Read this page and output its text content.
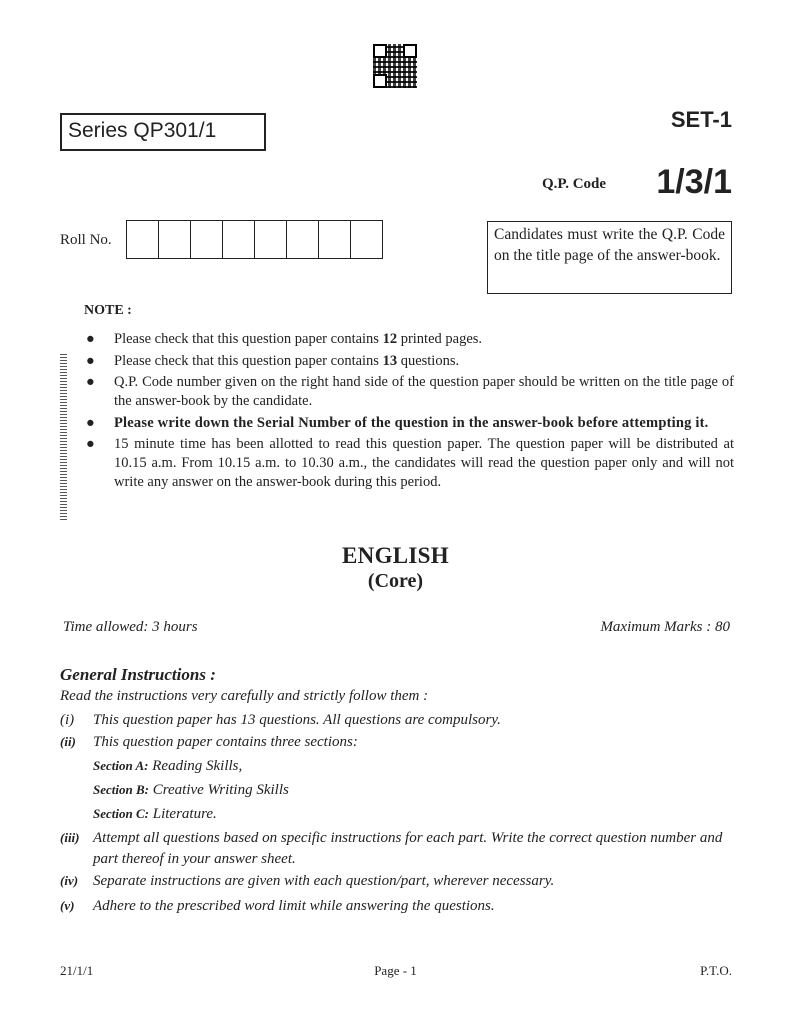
Series QP301/1	SET-1
Q.P. Code 1/3/1
Roll No.	Candidates must write the Q.P. Code on the title page of the answer-book.
NOTE :
●	Please check that this question paper contains 12 printed pages.
●	Please check that this question paper contains 13 questions.
●	Q.P. Code number given on the right hand side of the question paper should be written on the title page of the answer-book by the candidate.
●	Please write down the Serial Number of the question in the answer-book before attempting it.
●	15 minute time has been allotted to read this question paper. The question paper will be distributed at 10.15 a.m. From 10.15 a.m. to 10.30 a.m., the candidates will read the question paper only and will not write any answer on the answer-book during this period.
ENGLISH
(Core)
Time allowed: 3 hours	Maximum Marks : 80
General Instructions :
Read the instructions very carefully and strictly follow them :
(i)	This question paper has 13 questions. All questions are compulsory.
(ii)	This question paper contains three sections:
Section A: Reading Skills,
Section B: Creative Writing Skills
Section C: Literature.
(iii) Attempt all questions based on specific instructions for each part. Write the correct question number and part thereof in your answer sheet.
(iv) Separate instructions are given with each question/part, wherever necessary.
(v)	Adhere to the prescribed word limit while answering the questions.
21/1/1	Page - 1	P.T.O.
